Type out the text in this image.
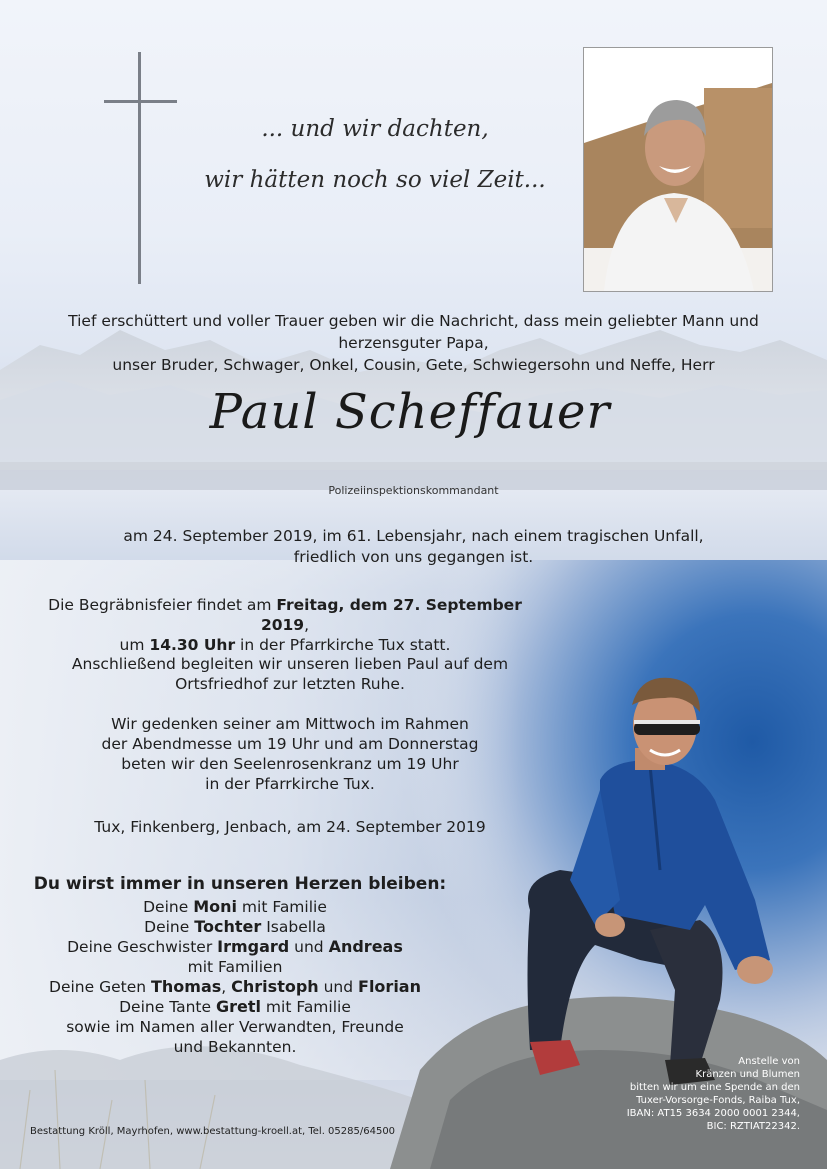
... und wir dachten,
wir hätten noch so viel Zeit...
Tief erschüttert und voller Trauer geben wir die Nachricht, dass mein geliebter Mann und herzensguter Papa,
unser Bruder, Schwager, Onkel, Cousin, Gete, Schwiegersohn und Neffe, Herr
Paul Scheffauer
Polizeiinspektionskommandant
am 24. September 2019, im 61. Lebensjahr, nach einem tragischen Unfall,
friedlich von uns gegangen ist.
Die Begräbnisfeier findet am Freitag, dem 27. September 2019,
um 14.30 Uhr in der Pfarrkirche Tux statt.
Anschließend begleiten wir unseren lieben Paul auf dem
Ortsfriedhof zur letzten Ruhe.
Wir gedenken seiner am Mittwoch im Rahmen
der Abendmesse um 19 Uhr und am Donnerstag
beten wir den Seelenrosenkranz um 19 Uhr
in der Pfarrkirche Tux.
Tux, Finkenberg, Jenbach, am 24. September 2019
Du wirst immer in unseren Herzen bleiben:
Deine Moni mit Familie
Deine Tochter Isabella
Deine Geschwister Irmgard und Andreas
mit Familien
Deine Geten Thomas, Christoph und Florian
Deine Tante Gretl mit Familie
sowie im Namen aller Verwandten, Freunde
und Bekannten.
Anstelle von
Kränzen und Blumen
bitten wir um eine Spende an den
Tuxer-Vorsorge-Fonds, Raiba Tux,
IBAN: AT15 3634 2000 0001 2344,
BIC: RZTIAT22342.
Bestattung Kröll, Mayrhofen, www.bestattung-kroell.at, Tel. 05285/64500
